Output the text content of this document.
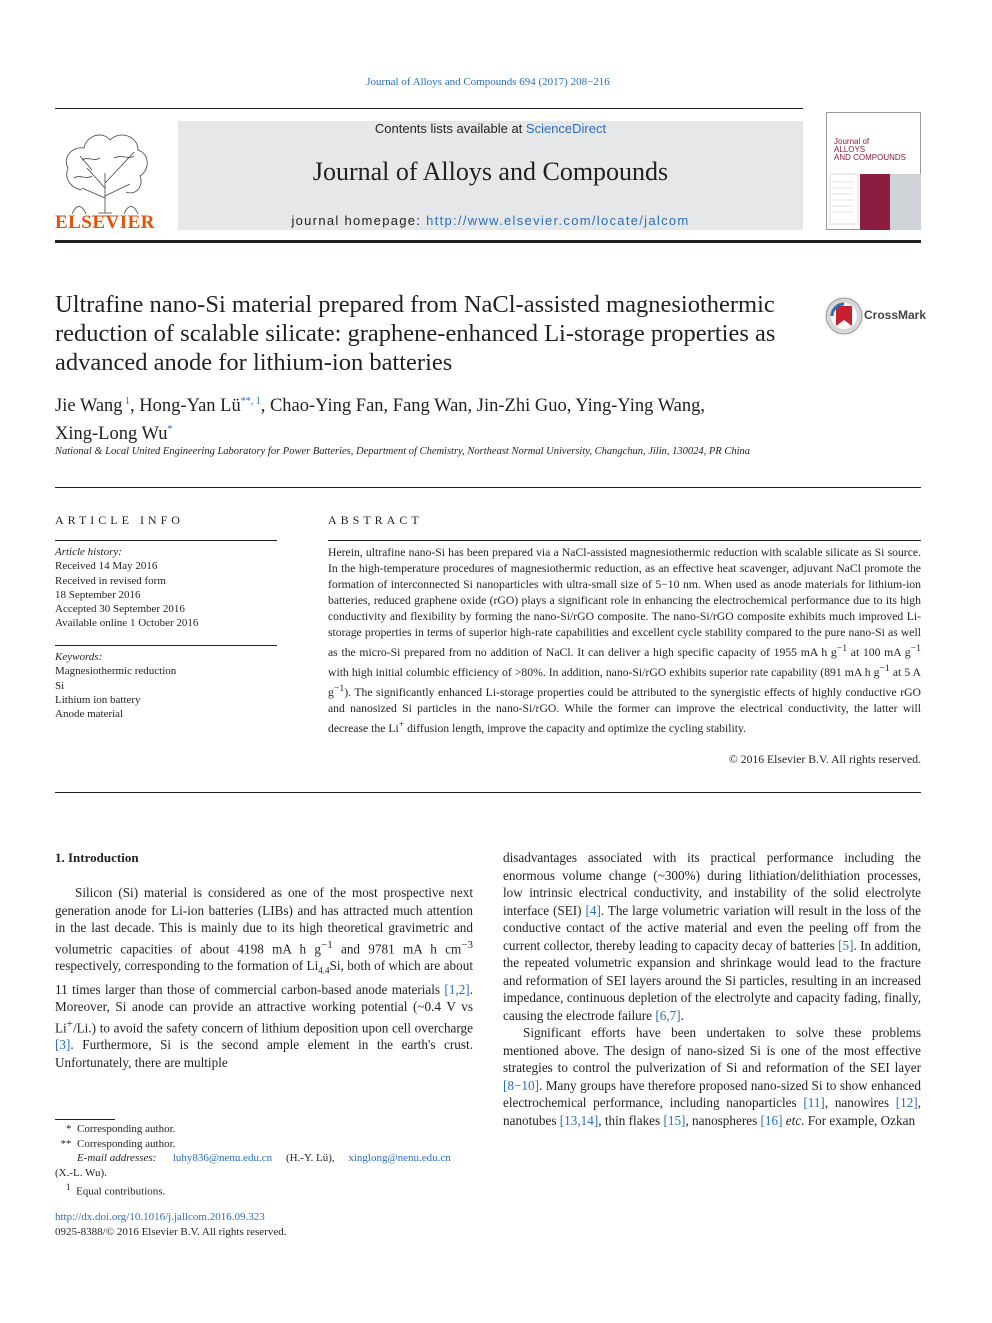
Journal of Alloys and Compounds 694 (2017) 208−216
ELSEVIER
Contents lists available at ScienceDirect
Journal of Alloys and Compounds
journal homepage: http://www.elsevier.com/locate/jalcom
Journal of ALLOYS AND COMPOUNDS
Ultrafine nano-Si material prepared from NaCl-assisted magnesiothermic reduction of scalable silicate: graphene-enhanced Li-storage properties as advanced anode for lithium-ion batteries
CrossMark
Jie Wang $^1$, Hong-Yan $Lü^{**, 1}$, Chao-Ying Fan, Fang Wan, Jin-Zhi Guo, Ying-Ying Wang,
Xing-Long Wu*
National & Local United Engineering Laboratory for Power Batteries, Department of Chemistry, Northeast Normal University, Changchun, Jilin, 130024, PR China
ARTICLE INFO	ABSTRACT
Article history:
Received 14 May 2016
Received in revised form
18 September 2016
Accepted 30 September 2016
Available online 1 October 2016
Keywords:
Magnesiothermic reduction
Si
Lithium ion battery
Anode material
Herein, ultrafine nano-Si has been prepared via a NaCl-assisted magnesiothermic reduction with scalable silicate as Si source. In the high-temperature procedures of magnesiothermic reduction, as an effective heat scavenger, adjuvant NaCl promote the formation of interconnected Si nanoparticles with ultra-small size of 5−10 nm. When used as anode materials for lithium-ion batteries, reduced graphene oxide (rGO) plays a significant role in enhancing the electrochemical performance due to its high conductivity and flexibility by forming the nano-Si/rGO composite. The nano-Si/rGO composite exhibits much improved Li-storage properties in terms of superior high-rate capabilities and excellent cycle stability compared to the pure nano-Si as well as the micro-Si prepared from no addition of NaCl. It can deliver a high specific capacity of 1955 mA h $g^{-1}$ at 100 mA $g^{-1}$ with high initial columbic efficiency of >80%. In addition, nano-Si/rGO exhibits superior rate capability (891 mA h $g^{-1}$ at 5 A $g^{-1}$). The significantly enhanced Li-storage properties could be attributed to the synergistic effects of highly conductive rGO and nanosized Si particles in the nano-Si/rGO. While the former can improve the electrical conductivity, the latter will decrease the Li+ diffusion length, improve the capacity and optimize the cycling stability.
© 2016 Elsevier B.V. All rights reserved.
1. Introduction

Silicon (Si) material is considered as one of the most prospective next generation anode for Li-ion batteries (LIBs) and has attracted much attention in the last decade. This is mainly due to its high theoretical gravimetric and volumetric capacities of about 4198 mA h $g^{-1}$ and 9781 mA h $cm^{-3}$ respectively, corresponding to the formation of $Li_{4.4}Si$, both of which are about 11 times larger than those of commercial carbon-based anode materials [1,2]. Moreover, Si anode can provide an attractive working potential (~0.4 V vs Li+/Li.) to avoid the safety concern of lithium deposition upon cell overcharge [3]. Furthermore, Si is the second ample element in the earth's crust. Unfortunately, there are multiple

disadvantages associated with its practical performance including the enormous volume change (~300%) during lithiation/delithiation processes, low intrinsic electrical conductivity, and instability of the solid electrolyte interface (SEI) [4]. The large volumetric variation will result in the loss of the conductive contact of the active material and even the peeling off from the current collector, thereby leading to capacity decay of batteries [5]. In addition, the repeated volumetric expansion and shrinkage would lead to the fracture and reformation of SEI layers around the Si particles, resulting in an increased impedance, continuous depletion of the electrolyte and capacity fading, finally, causing the electrode failure [6,7].

Significant efforts have been undertaken to solve these problems mentioned above. The design of nano-sized Si is one of the most effective strategies to control the pulverization of Si and reformation of the SEI layer [8−10]. Many groups have therefore proposed nano-sized Si to show enhanced electrochemical performance, including nanoparticles [11], nanowires [12], nanotubes [13,14], thin flakes [15], nanospheres [16] etc. For example, Ozkan

* Corresponding author.
** Corresponding author.
E-mail addresses: luhy836@nenu.edu.cn (H.-Y. Lü), xinglong@nenu.edu.cn
(X.-L. Wu).
$^1$ Equal contributions.
http://dx.doi.org/10.1016/j.jallcom.2016.09.323
0925-8388/© 2016 Elsevier B.V. All rights reserved.
